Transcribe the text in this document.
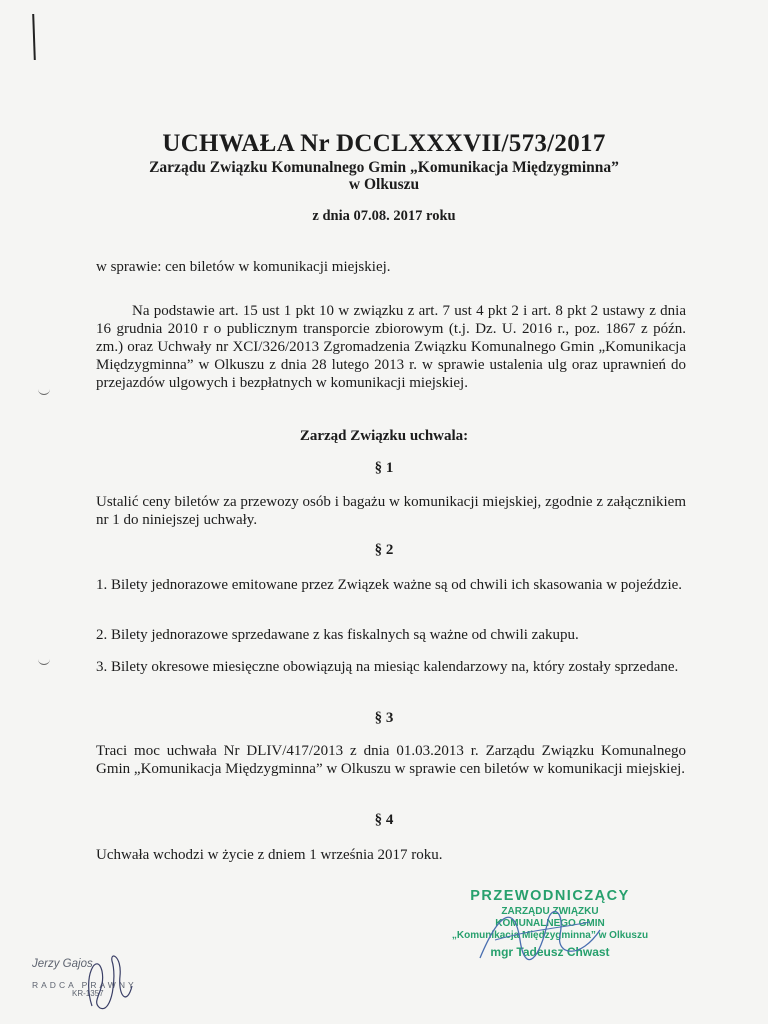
UCHWAŁA Nr DCCLXXXVII/573/2017
Zarządu Związku Komunalnego Gmin „Komunikacja Międzygminna”
w Olkuszu
z dnia 07.08. 2017 roku
w sprawie: cen biletów w komunikacji miejskiej.
Na podstawie art. 15 ust 1 pkt 10 w związku z art. 7 ust 4 pkt 2 i art. 8 pkt 2 ustawy z dnia 16 grudnia 2010 r o publicznym transporcie zbiorowym (t.j. Dz. U. 2016 r., poz. 1867 z późn. zm.) oraz Uchwały nr XCI/326/2013 Zgromadzenia Związku Komunalnego Gmin „Komunikacja Międzygminna” w Olkuszu z dnia 28 lutego 2013 r. w sprawie ustalenia ulg oraz uprawnień do przejazdów ulgowych i bezpłatnych w komunikacji miejskiej.
Zarząd Związku uchwala:
§ 1
Ustalić ceny biletów za przewozy osób i bagażu w komunikacji miejskiej, zgodnie z załącznikiem nr 1 do niniejszej uchwały.
§ 2
1. Bilety jednorazowe emitowane przez Związek ważne są od chwili ich skasowania w pojeździe.
2. Bilety jednorazowe sprzedawane z kas fiskalnych są ważne od chwili zakupu.
3. Bilety okresowe miesięczne obowiązują na miesiąc kalendarzowy na, który zostały sprzedane.
§ 3
Traci moc uchwała Nr DLIV/417/2013 z dnia 01.03.2013 r. Zarządu Związku Komunalnego Gmin „Komunikacja Międzygminna” w Olkuszu w sprawie cen biletów w komunikacji miejskiej.
§ 4
Uchwała wchodzi w życie z dniem 1 września 2017 roku.
PRZEWODNICZĄCY
ZARZĄDU ZWIĄZKU
KOMUNALNEGO GMIN
„Komunikacja Międzygminna” w Olkuszu
mgr Tadeusz Chwast
Jerzy Gajos
RADCA PRAWNY
KR-1357
